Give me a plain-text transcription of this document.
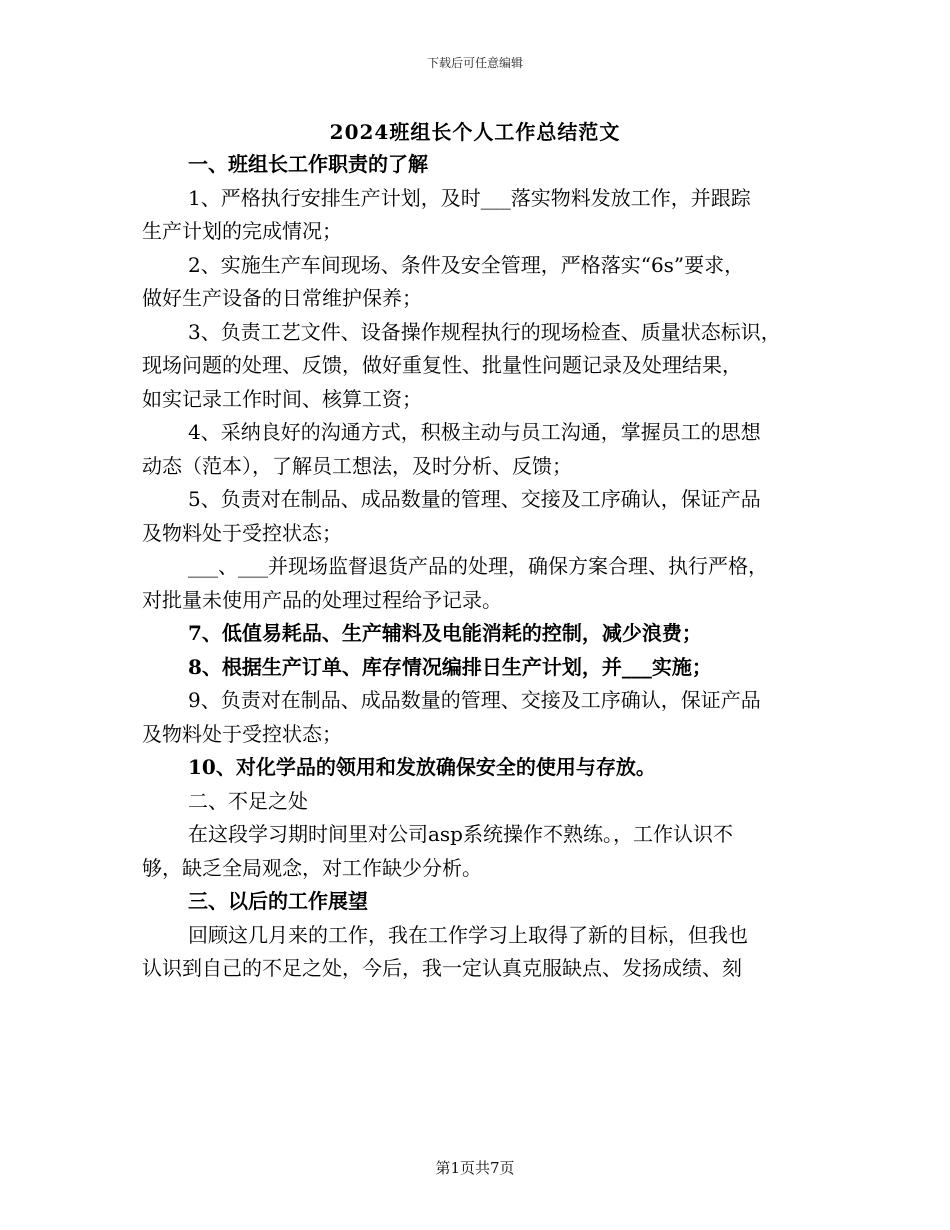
下载后可任意编辑
2024班组长个人工作总结范文
一、班组长工作职责的了解
1、严格执行安排生产计划，及时___落实物料发放工作，并跟踪
生产计划的完成情况；
2、实施生产车间现场、条件及安全管理，严格落实“6s”要求，
做好生产设备的日常维护保养；
3、负责工艺文件、设备操作规程执行的现场检查、质量状态标识，
现场问题的处理、反馈，做好重复性、批量性问题记录及处理结果，
如实记录工作时间、核算工资；
4、采纳良好的沟通方式，积极主动与员工沟通，掌握员工的思想
动态（范本），了解员工想法，及时分析、反馈；
5、负责对在制品、成品数量的管理、交接及工序确认，保证产品
及物料处于受控状态；
___、___并现场监督退货产品的处理，确保方案合理、执行严格，
对批量未使用产品的处理过程给予记录。
7、低值易耗品、生产辅料及电能消耗的控制，减少浪费；
8、根据生产订单、库存情况编排日生产计划，并___实施；
9、负责对在制品、成品数量的管理、交接及工序确认，保证产品
及物料处于受控状态；
10、对化学品的领用和发放确保安全的使用与存放。
二、不足之处
在这段学习期时间里对公司asp系统操作不熟练。，工作认识不
够，缺乏全局观念，对工作缺少分析。
三、以后的工作展望
回顾这几月来的工作，我在工作学习上取得了新的目标，但我也
认识到自己的不足之处，今后，我一定认真克服缺点、发扬成绩、刻
第1页共7页
